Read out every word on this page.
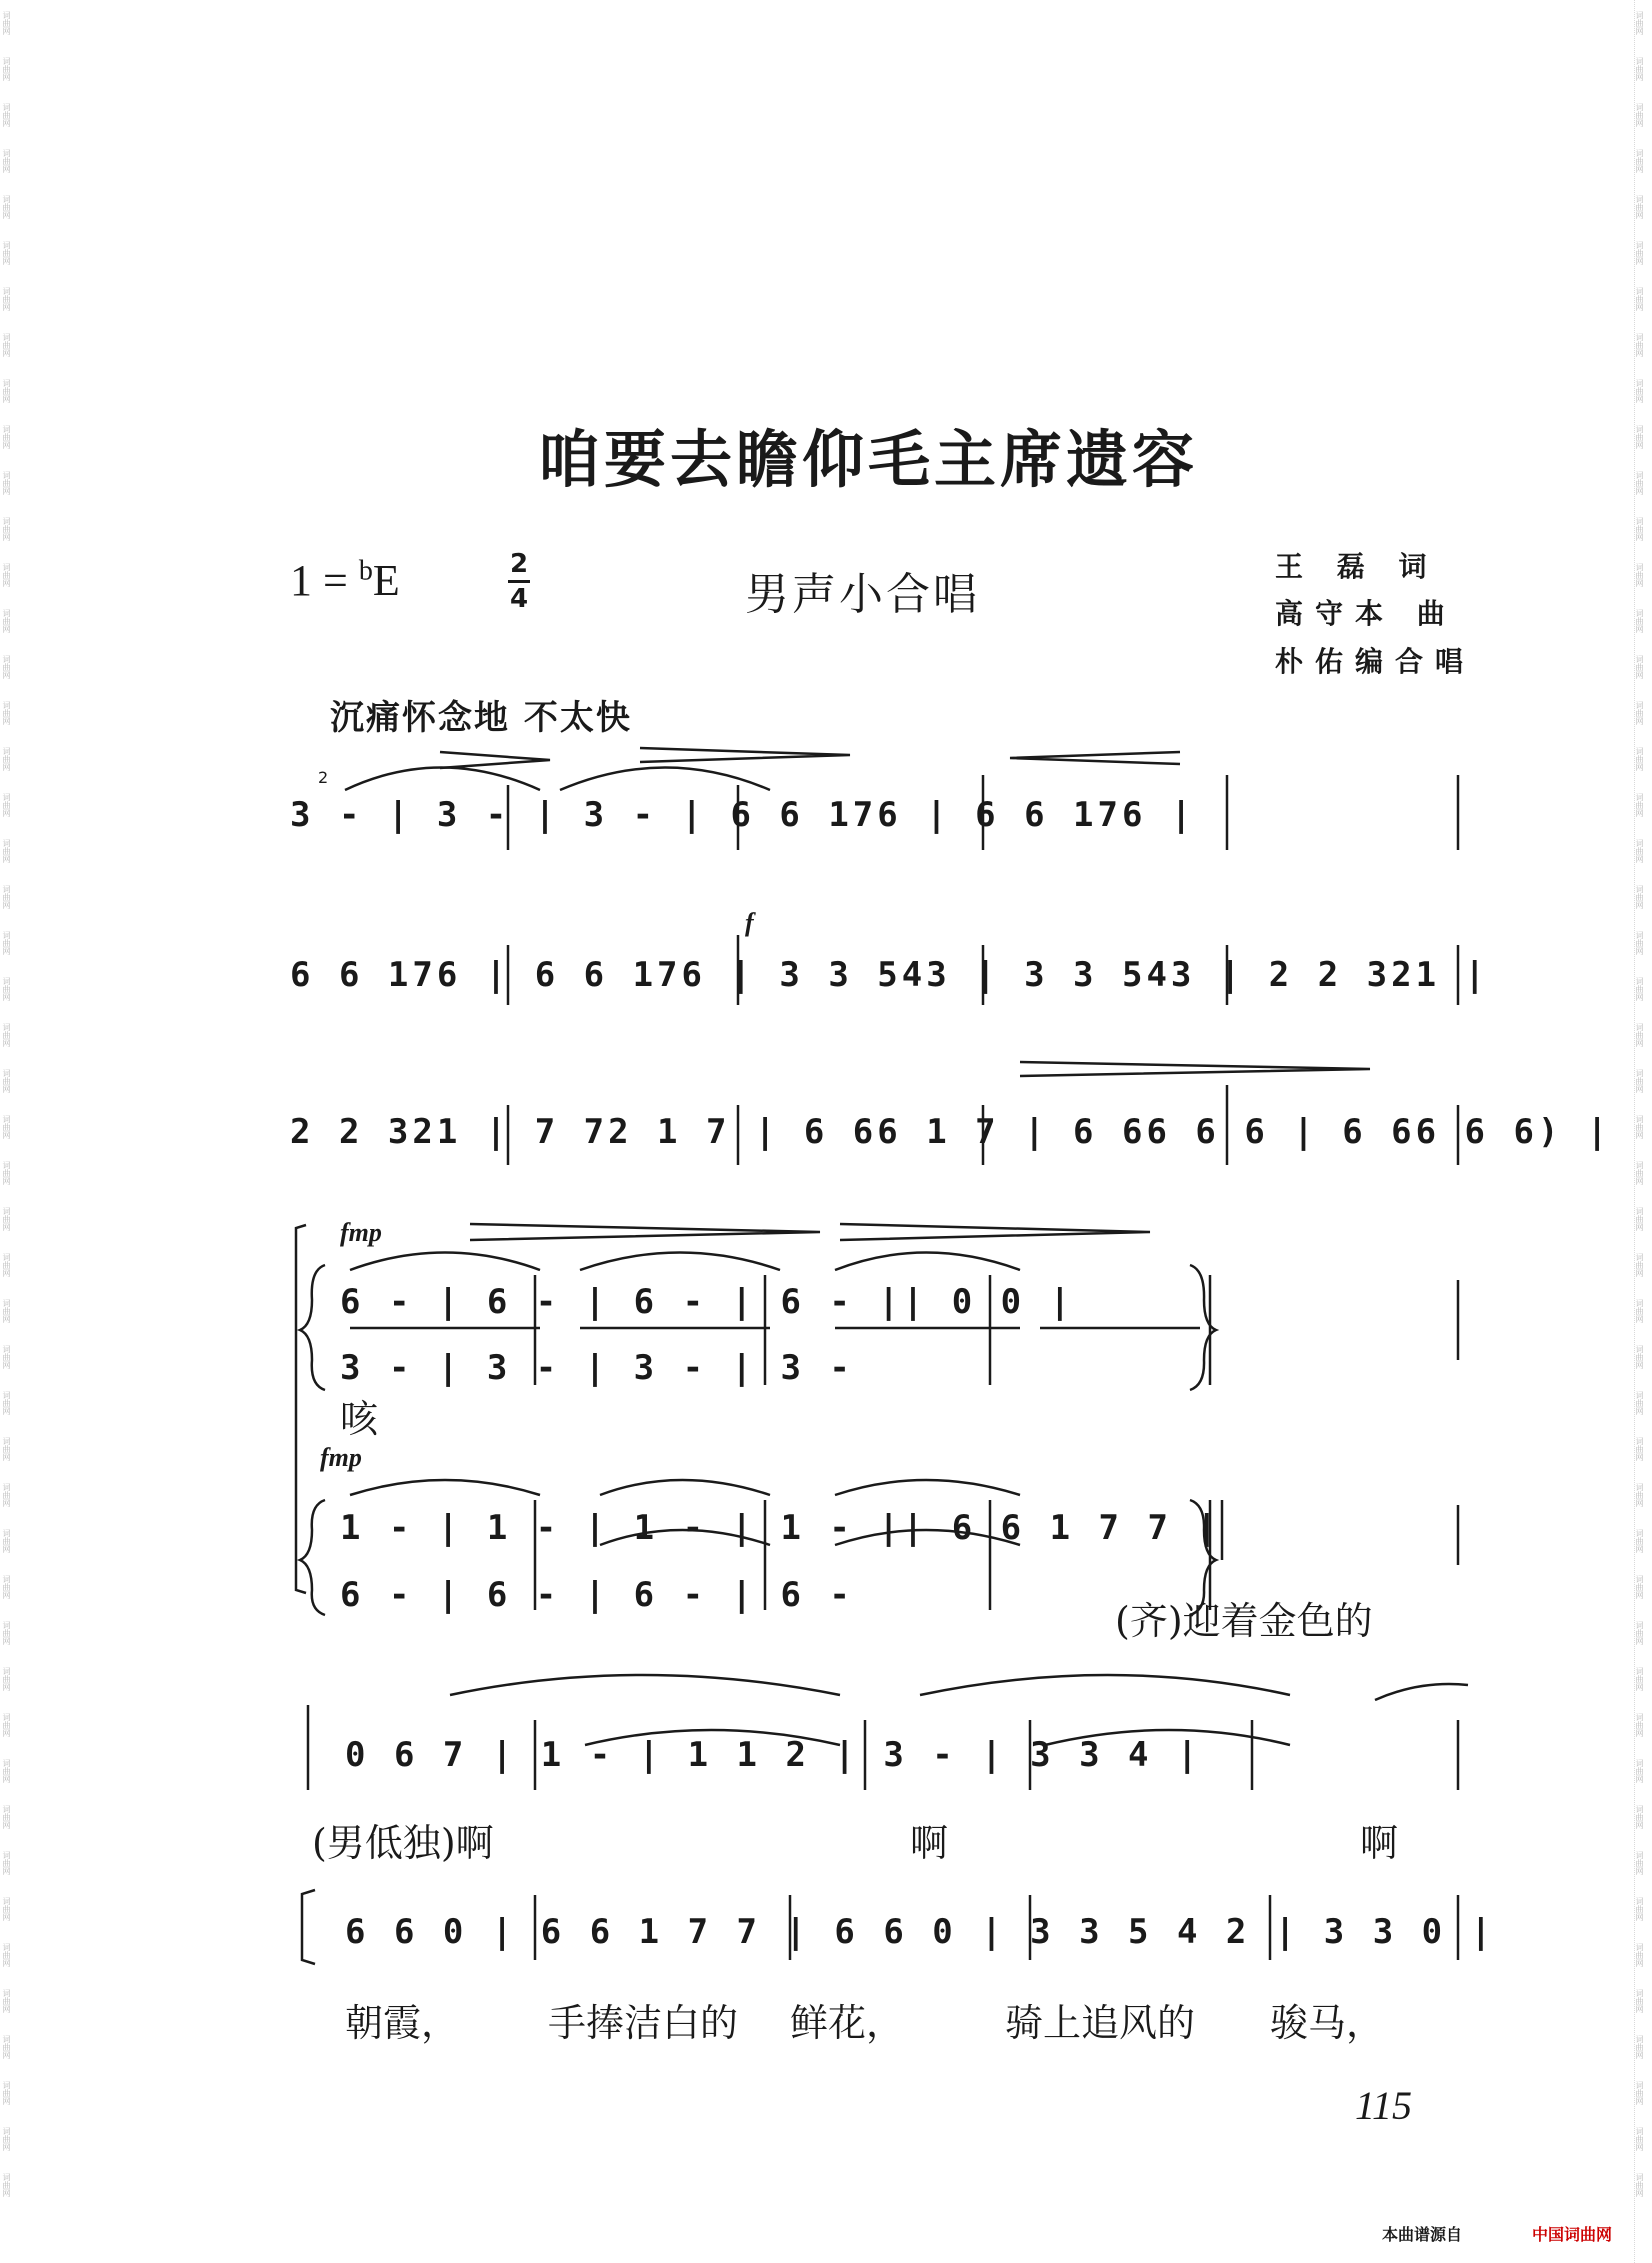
词曲网
词曲网
词曲网
词曲网
词曲网
词曲网
词曲网
词曲网
词曲网
词曲网
词曲网
词曲网
词曲网
词曲网
词曲网
词曲网
词曲网
词曲网
词曲网
词曲网
词曲网
词曲网
词曲网
词曲网
词曲网
词曲网
词曲网
词曲网
词曲网
词曲网
词曲网
词曲网
词曲网
词曲网
词曲网
词曲网
词曲网
词曲网
词曲网
词曲网
词曲网
词曲网
词曲网
词曲网
词曲网
词曲网
词曲网
词曲网
词曲网
词曲网
词曲网
词曲网
词曲网
词曲网
词曲网
词曲网
词曲网
词曲网
词曲网
词曲网
词曲网
词曲网
词曲网
词曲网
词曲网
词曲网
词曲网
词曲网
词曲网
词曲网
词曲网
词曲网
词曲网
词曲网
词曲网
词曲网
词曲网
词曲网
词曲网
词曲网
词曲网
词曲网
词曲网
词曲网
词曲网
词曲网
词曲网
词曲网
词曲网
词曲网
词曲网
词曲网
词曲网
词曲网
词曲网
词曲网
咱要去瞻仰毛主席遗容
1 = $^b$E	2
4	男声小合唱
王 磊 词
高守本 曲
朴佑编合唱
沉痛怀念地 不太快
2
f
fmp
fmp
3 - | 3 - | 3 - | 6 6 176 | 6 6 176 |
6 6 176 | 6 6 176 | 3 3 543 | 3 3 543 | 2 2 321 |
2 2 321 | 7 72 1 7 | 6 66 1 7 | 6 66 6 6 | 6 66 6 6) |
6 - | 6 - | 6 - | 6 - || 0 0 |
3 - | 3 - | 3 - | 3 -
咳
1 - | 1 - | 1 - | 1 - || 6 6 1 7 7 |
6 - | 6 - | 6 - | 6 -
(齐)迎着金色的
0 6 7 | 1 - | 1 1 2 | 3 - | 3 3 4 |
(男低独)啊	啊	啊
6 6 0 | 6 6 1 7 7 | 6 6 0 | 3 3 5 4 2 | 3 3 0 |
朝霞， 手捧洁白的 鲜花，	骑上追风的 骏马，
115
本曲谱源自	中国词曲网
